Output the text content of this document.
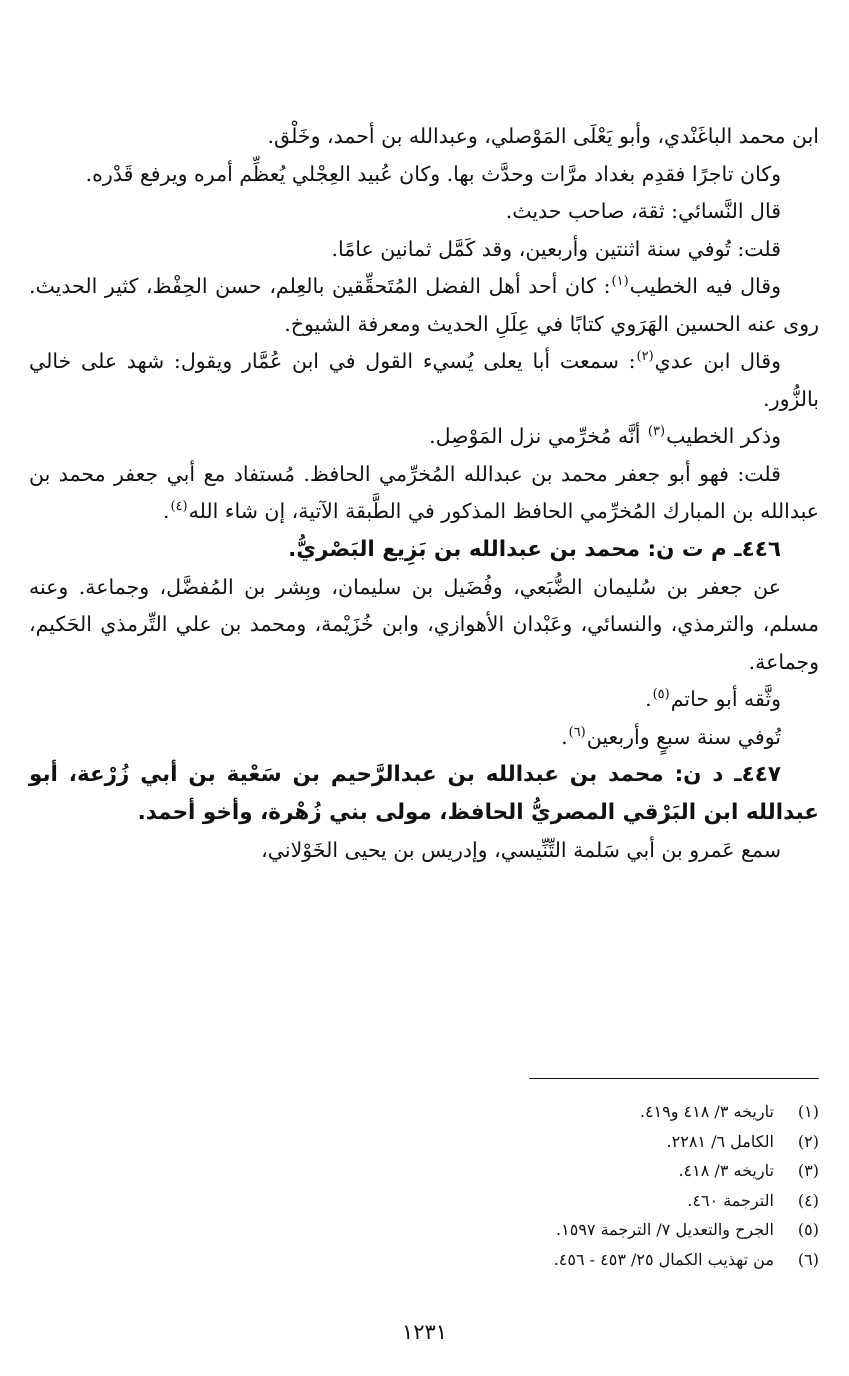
ابن محمد الباغَنْدي، وأبو يَعْلَى المَوْصلي، وعبدالله بن أحمد، وخَلْق.

وكان تاجرًا فقدِم بغداد مرَّات وحدَّث بها. وكان عُبيد العِجْلي يُعظِّم أمره ويرفع قَدْره.

قال النَّسائي: ثقة، صاحب حديث.

قلت: تُوفي سنة اثنتين وأربعين، وقد كَمَّل ثمانين عامًا.

وقال فيه الخطيب$^{(١)}$: كان أحد أهل الفضل المُتَحقِّقين بالعِلم، حسن الحِفْظ، كثير الحديث. روى عنه الحسين الهَرَوي كتابًا في عِلَلِ الحديث ومعرفة الشيوخ.

وقال ابن عدي$^{(٢)}$: سمعت أبا يعلى يُسيء القول في ابن عُمَّار ويقول: شهد على خالي بالزُّور.

وذكر الخطيب$^{(٣)}$ أنَّه مُخرِّمي نزل المَوْصِل.

قلت: فهو أبو جعفر محمد بن عبدالله المُخرِّمي الحافظ. مُستفاد مع أبي جعفر محمد بن عبدالله بن المبارك المُخرِّمي الحافظ المذكور في الطَّبقة الآتية، إن شاء الله$^{(٤)}$.

٤٤٦ـ م ت ن: محمد بن عبدالله بن بَزِيع البَصْريُّ.

عن جعفر بن سُليمان الضُّبَعي، وفُضَيل بن سليمان، وبِشر بن المُفضَّل، وجماعة. وعنه مسلم، والترمذي، والنسائي، وعَبْدان الأهوازي، وابن خُزَيْمة، ومحمد بن علي التِّرمذي الحَكيم، وجماعة.

وثَّقه أبو حاتم$^{(٥)}$.

تُوفي سنة سبعٍ وأربعين$^{(٦)}$.

٤٤٧ـ د ن: محمد بن عبدالله بن عبدالرَّحيم بن سَعْية بن أبي زُرْعة، أبو عبدالله ابن البَرْقي المصريُّ الحافظ، مولى بني زُهْرة، وأخو أحمد.

سمع عَمرو بن أبي سَلمة التِّنِّيسي، وإدريس بن يحيى الخَوْلاني،

(١) تاريخه ٣/ ٤١٨ و٤١٩.

(٢) الكامل ٦/ ٢٢٨١.

(٣) تاريخه ٣/ ٤١٨.

(٤) الترجمة ٤٦٠.

(٥) الجرح والتعديل ٧/ الترجمة ١٥٩٧.

(٦) من تهذيب الكمال ٢٥/ ٤٥٣ - ٤٥٦.

١٢٣١
